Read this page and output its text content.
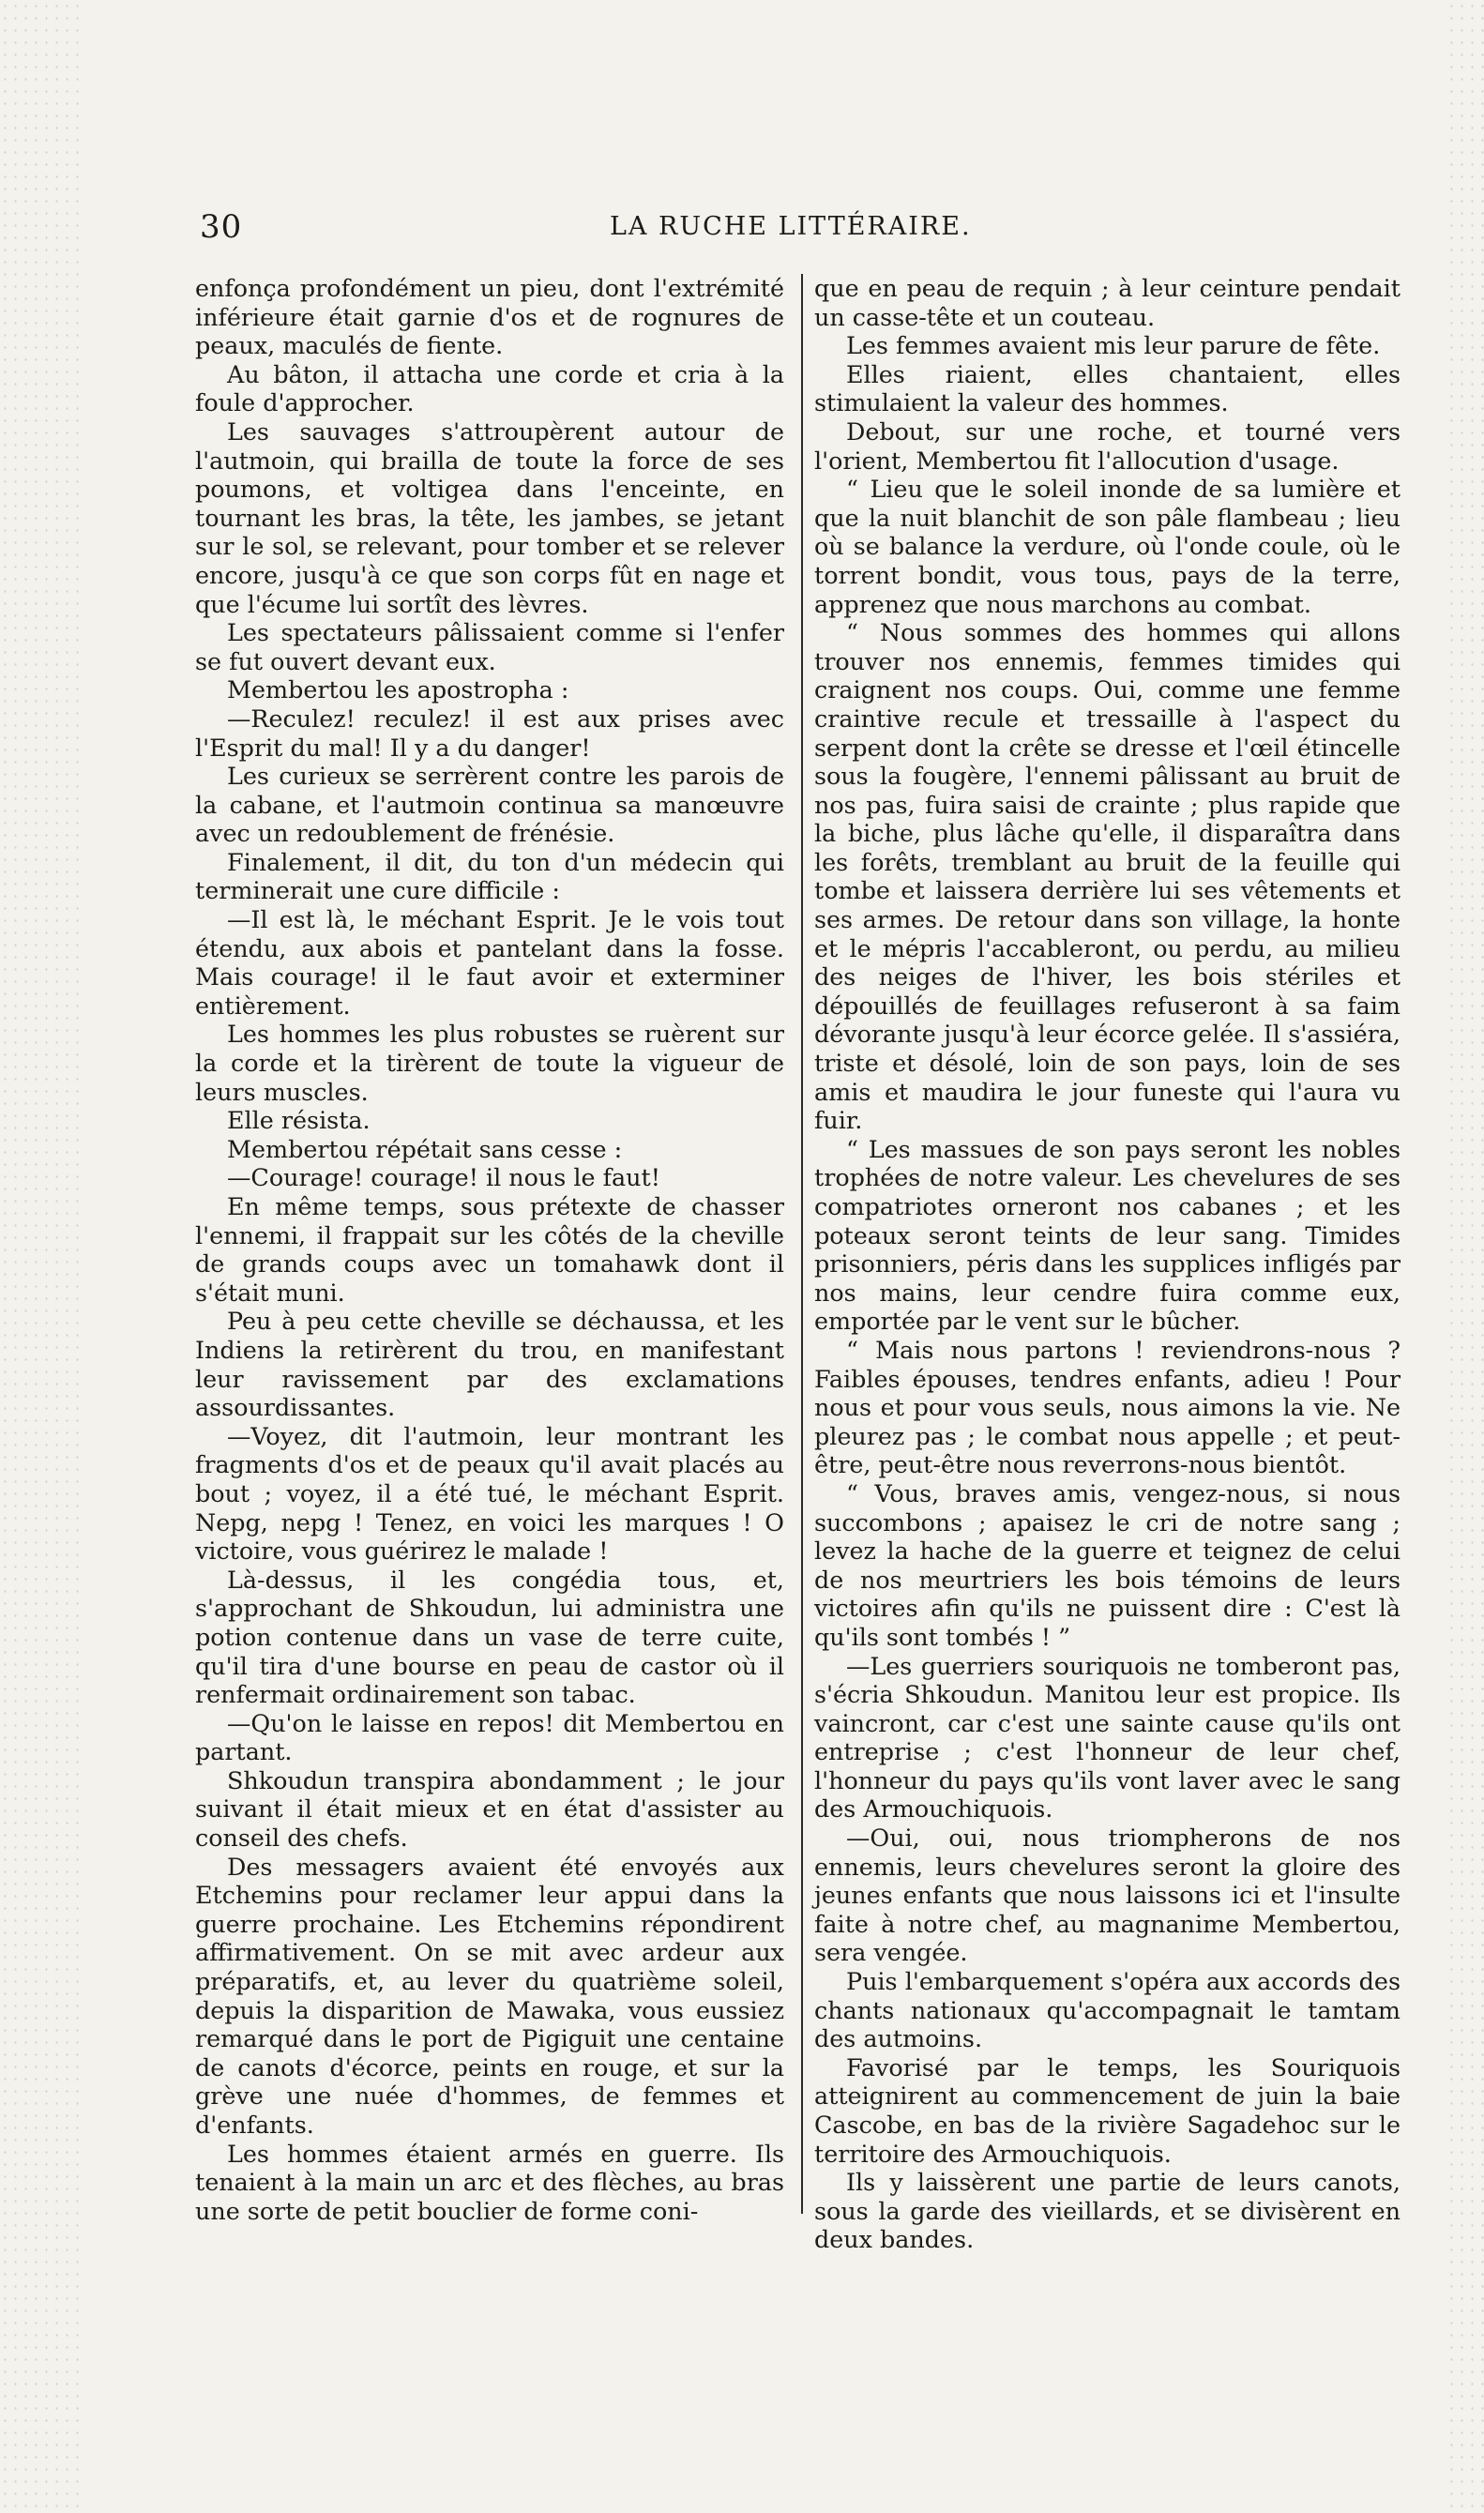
30	LA RUCHE LITTÉRAIRE.

enfonça profondément un pieu, dont l'extrémité inférieure était garnie d'os et de rognures de peaux, maculés de fiente.

Au bâton, il attacha une corde et cria à la foule d'approcher.

Les sauvages s'attroupèrent autour de l'autmoin, qui brailla de toute la force de ses poumons, et voltigea dans l'enceinte, en tournant les bras, la tête, les jambes, se jetant sur le sol, se relevant, pour tomber et se relever encore, jusqu'à ce que son corps fût en nage et que l'écume lui sortît des lèvres.

Les spectateurs pâlissaient comme si l'enfer se fut ouvert devant eux.

Membertou les apostropha :

—Reculez! reculez! il est aux prises avec l'Esprit du mal! Il y a du danger!

Les curieux se serrèrent contre les parois de la cabane, et l'autmoin continua sa manœuvre avec un redoublement de frénésie.

Finalement, il dit, du ton d'un médecin qui terminerait une cure difficile :

—Il est là, le méchant Esprit. Je le vois tout étendu, aux abois et pantelant dans la fosse. Mais courage! il le faut avoir et exterminer entièrement.

Les hommes les plus robustes se ruèrent sur la corde et la tirèrent de toute la vigueur de leurs muscles.

Elle résista.

Membertou répétait sans cesse :

—Courage! courage! il nous le faut!

En même temps, sous prétexte de chasser l'ennemi, il frappait sur les côtés de la cheville de grands coups avec un tomahawk dont il s'était muni.

Peu à peu cette cheville se déchaussa, et les Indiens la retirèrent du trou, en manifestant leur ravissement par des exclamations assourdissantes.

—Voyez, dit l'autmoin, leur montrant les fragments d'os et de peaux qu'il avait placés au bout ; voyez, il a été tué, le méchant Esprit. Nepg, nepg ! Tenez, en voici les marques ! O victoire, vous guérirez le malade !

Là-dessus, il les congédia tous, et, s'approchant de Shkoudun, lui administra une potion contenue dans un vase de terre cuite, qu'il tira d'une bourse en peau de castor où il renfermait ordinairement son tabac.

—Qu'on le laisse en repos! dit Membertou en partant.

Shkoudun transpira abondamment ; le jour suivant il était mieux et en état d'assister au conseil des chefs.

Des messagers avaient été envoyés aux Etchemins pour reclamer leur appui dans la guerre prochaine. Les Etchemins répondirent affirmativement. On se mit avec ardeur aux préparatifs, et, au lever du quatrième soleil, depuis la disparition de Mawaka, vous eussiez remarqué dans le port de Pigiguit une centaine de canots d'écorce, peints en rouge, et sur la grève une nuée d'hommes, de femmes et d'enfants.

Les hommes étaient armés en guerre. Ils tenaient à la main un arc et des flèches, au bras une sorte de petit bouclier de forme coni-

que en peau de requin ; à leur ceinture pendait un casse-tête et un couteau.

Les femmes avaient mis leur parure de fête.

Elles riaient, elles chantaient, elles stimulaient la valeur des hommes.

Debout, sur une roche, et tourné vers l'orient, Membertou fit l'allocution d'usage.

“ Lieu que le soleil inonde de sa lumière et que la nuit blanchit de son pâle flambeau ; lieu où se balance la verdure, où l'onde coule, où le torrent bondit, vous tous, pays de la terre, apprenez que nous marchons au combat.

“ Nous sommes des hommes qui allons trouver nos ennemis, femmes timides qui craignent nos coups. Oui, comme une femme craintive recule et tressaille à l'aspect du serpent dont la crête se dresse et l'œil étincelle sous la fougère, l'ennemi pâlissant au bruit de nos pas, fuira saisi de crainte ; plus rapide que la biche, plus lâche qu'elle, il disparaîtra dans les forêts, tremblant au bruit de la feuille qui tombe et laissera derrière lui ses vêtements et ses armes. De retour dans son village, la honte et le mépris l'accableront, ou perdu, au milieu des neiges de l'hiver, les bois stériles et dépouillés de feuillages refuseront à sa faim dévorante jusqu'à leur écorce gelée. Il s'assiéra, triste et désolé, loin de son pays, loin de ses amis et maudira le jour funeste qui l'aura vu fuir.

“ Les massues de son pays seront les nobles trophées de notre valeur. Les chevelures de ses compatriotes orneront nos cabanes ; et les poteaux seront teints de leur sang. Timides prisonniers, péris dans les supplices infligés par nos mains, leur cendre fuira comme eux, emportée par le vent sur le bûcher.

“ Mais nous partons ! reviendrons-nous ? Faibles épouses, tendres enfants, adieu ! Pour nous et pour vous seuls, nous aimons la vie. Ne pleurez pas ; le combat nous appelle ; et peut-être, peut-être nous reverrons-nous bientôt.

“ Vous, braves amis, vengez-nous, si nous succombons ; apaisez le cri de notre sang ; levez la hache de la guerre et teignez de celui de nos meurtriers les bois témoins de leurs victoires afin qu'ils ne puissent dire : C'est là qu'ils sont tombés ! ”

—Les guerriers souriquois ne tomberont pas, s'écria Shkoudun. Manitou leur est propice. Ils vaincront, car c'est une sainte cause qu'ils ont entreprise ; c'est l'honneur de leur chef, l'honneur du pays qu'ils vont laver avec le sang des Armouchiquois.

—Oui, oui, nous triompherons de nos ennemis, leurs chevelures seront la gloire des jeunes enfants que nous laissons ici et l'insulte faite à notre chef, au magnanime Membertou, sera vengée.

Puis l'embarquement s'opéra aux accords des chants nationaux qu'accompagnait le tamtam des autmoins.

Favorisé par le temps, les Souriquois atteignirent au commencement de juin la baie Cascobe, en bas de la rivière Sagadehoc sur le territoire des Armouchiquois.

Ils y laissèrent une partie de leurs canots, sous la garde des vieillards, et se divisèrent en deux bandes.
